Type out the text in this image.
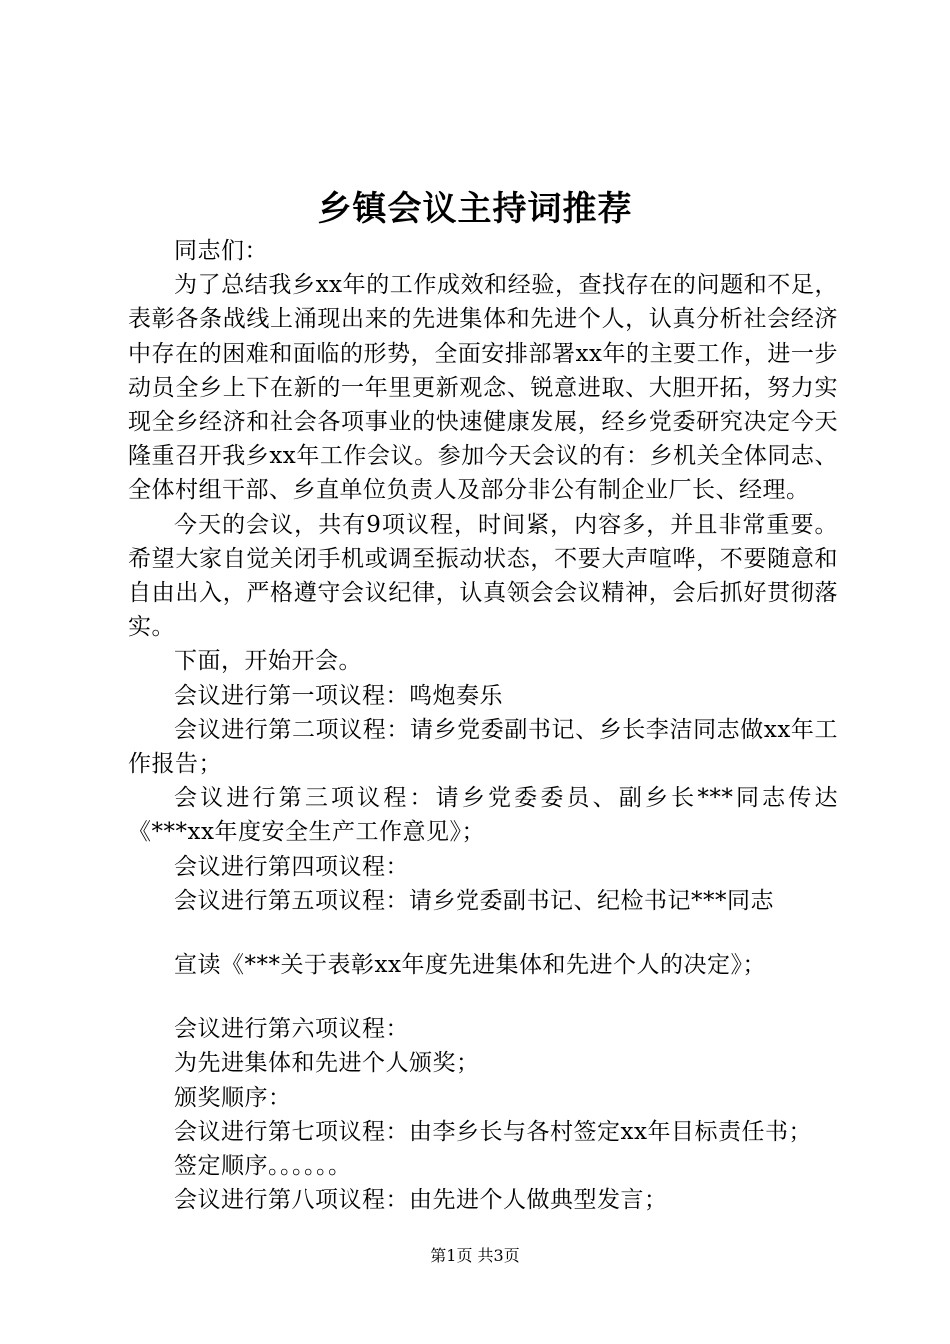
乡镇会议主持词推荐

同志们：

为了总结我乡xx年的工作成效和经验，查找存在的问题和不足，表彰各条战线上涌现出来的先进集体和先进个人，认真分析社会经济中存在的困难和面临的形势，全面安排部署xx年的主要工作，进一步动员全乡上下在新的一年里更新观念、锐意进取、大胆开拓，努力实现全乡经济和社会各项事业的快速健康发展，经乡党委研究决定今天隆重召开我乡xx年工作会议。参加今天会议的有：乡机关全体同志、全体村组干部、乡直单位负责人及部分非公有制企业厂长、经理。

今天的会议，共有9项议程，时间紧，内容多，并且非常重要。希望大家自觉关闭手机或调至振动状态，不要大声喧哗，不要随意和自由出入，严格遵守会议纪律，认真领会会议精神，会后抓好贯彻落实。

下面，开始开会。

会议进行第一项议程：鸣炮奏乐

会议进行第二项议程：请乡党委副书记、乡长李洁同志做xx年工作报告；

会议进行第三项议程：请乡党委委员、副乡长***同志传达《***xx年度安全生产工作意见》；

会议进行第四项议程：

会议进行第五项议程：请乡党委副书记、纪检书记***同志

宣读《***关于表彰xx年度先进集体和先进个人的决定》；

会议进行第六项议程：

为先进集体和先进个人颁奖；

颁奖顺序：

会议进行第七项议程：由李乡长与各村签定xx年目标责任书；

签定顺序。。。。。。

会议进行第八项议程：由先进个人做典型发言；

第1页 共3页
